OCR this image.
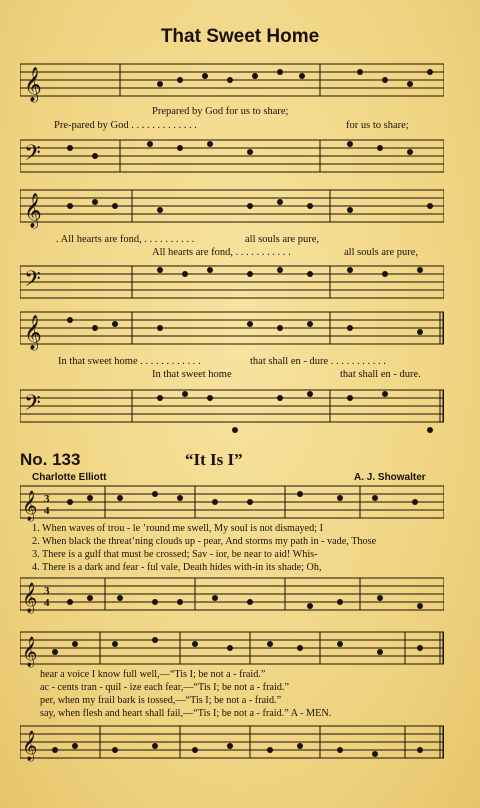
That Sweet Home
𝄞
Prepared by God for us to share;
Pre-pared by God . . . . . . . . . . . . .	for us to share;
𝄢
𝄞
. All hearts are fond, . . . . . . . . . .	all souls are pure,
All hearts are fond, . . . . . . . . . . .	all souls are pure,
𝄢
𝄞
In that sweet home . . . . . . . . . . . .	that shall en - dure . . . . . . . . . . .
In that sweet home	that shall en - dure.
𝄢
No. 133	“It Is I”
Charlotte Elliott	A. J. Showalter
𝄞 3
4
1. When waves of trou - le ’round me swell, My soul is not dismayed; I
2. When black the threat’ning clouds up - pear, And storms my path in - vade, Those
3. There is a gulf that must be crossed; Sav - ior, be near to aid! Whis-
4. There is a dark and fear - ful vale, Death hides with-in its shade; Oh,
𝄞 3
4
𝄞
hear a voice I know full well,—“Tis I; be not a - fraid.”
ac - cents tran - quil - ize each fear,—“Tis I; be not a - fraid.”
per, when my frail bark is tossed,—“Tis I; be not a - fraid.”
say, when flesh and heart shall fail,—“Tis I; be not a - fraid.” A - MEN.
𝄞
